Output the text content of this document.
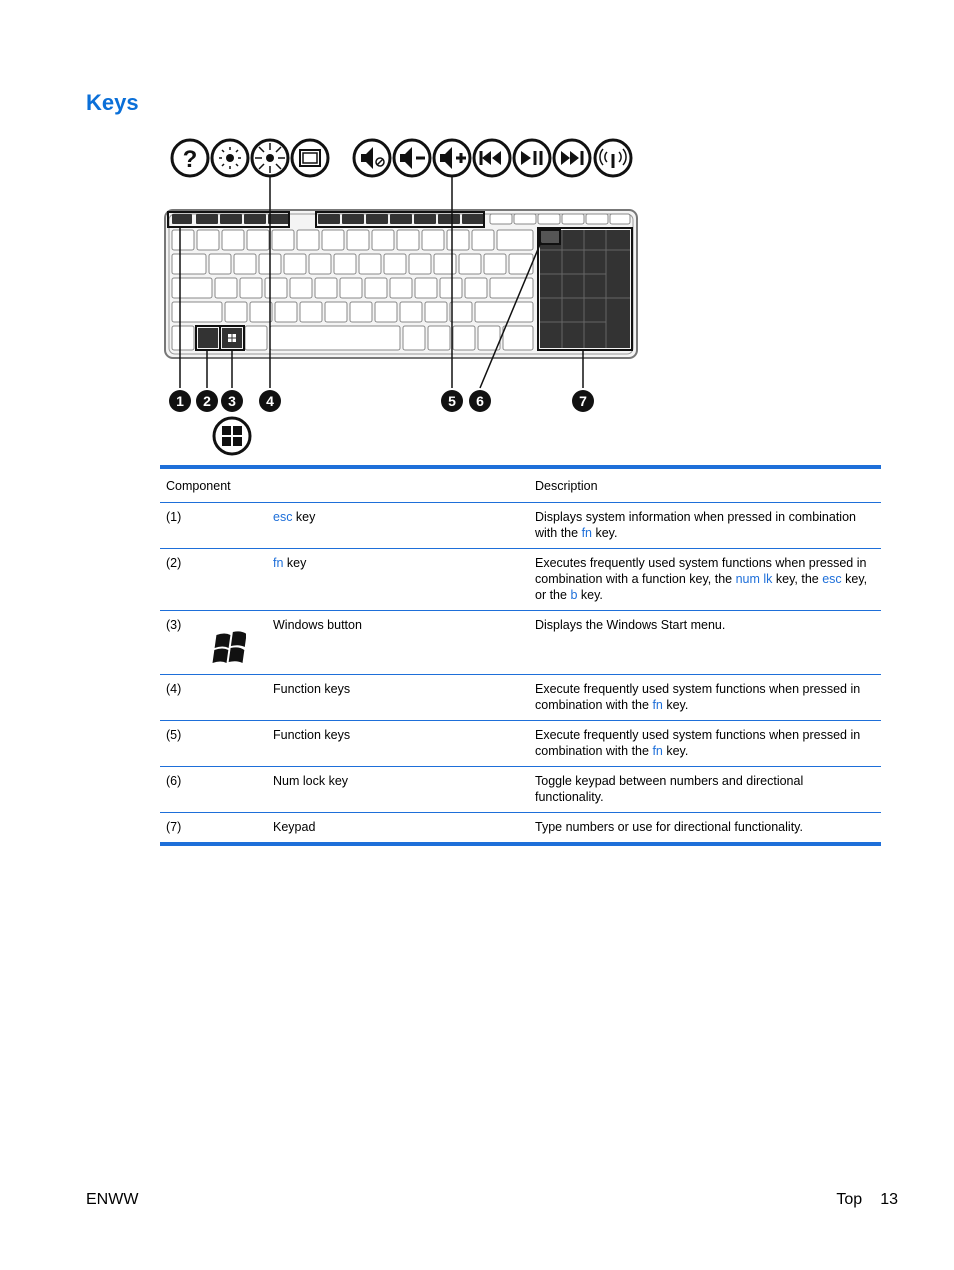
Keys
?
1 2 3 4	5 6	7
Component		Description
(1)	esc key	Displays system information when pressed in combination with the fn key.
(2)	fn key	Executes frequently used system functions when pressed in combination with a function key, the num lk key, the esc key, or the b key.
(3)	Windows button	Displays the Windows Start menu.
(4)	Function keys	Execute frequently used system functions when pressed in combination with the fn key.
(5)	Function keys	Execute frequently used system functions when pressed in combination with the fn key.
(6)	Num lock key	Toggle keypad between numbers and directional functionality.
(7)	Keypad	Type numbers or use for directional functionality.
ENWW	Top 13
